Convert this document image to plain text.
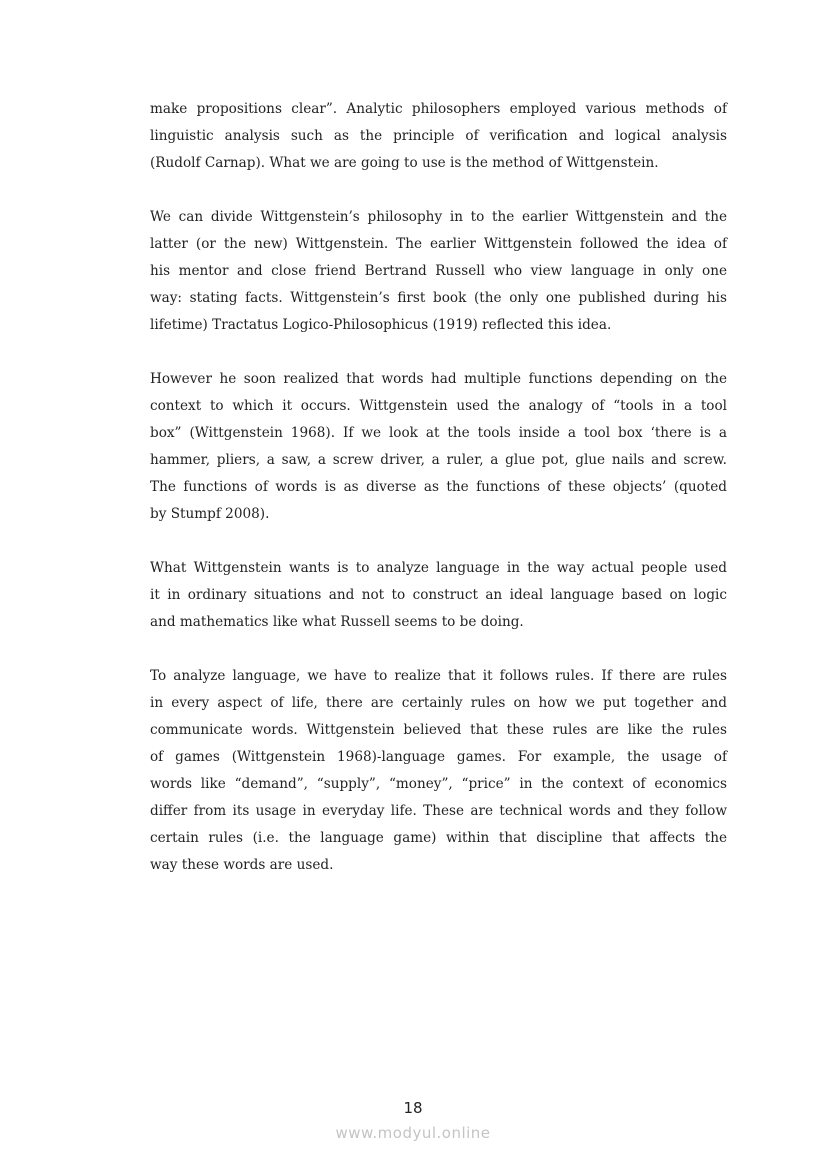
make propositions clear”. Analytic philosophers employed various methods of
linguistic analysis such as the principle of verification and logical analysis
(Rudolf Carnap). What we are going to use is the method of Wittgenstein.
We can divide Wittgenstein’s philosophy in to the earlier Wittgenstein and the
latter (or the new) Wittgenstein. The earlier Wittgenstein followed the idea of
his mentor and close friend Bertrand Russell who view language in only one
way: stating facts. Wittgenstein’s first book (the only one published during his
lifetime) Tractatus Logico-Philosophicus (1919) reflected this idea.
However he soon realized that words had multiple functions depending on the
context to which it occurs. Wittgenstein used the analogy of “tools in a tool
box” (Wittgenstein 1968). If we look at the tools inside a tool box ‘there is a
hammer, pliers, a saw, a screw driver, a ruler, a glue pot, glue nails and screw.
The functions of words is as diverse as the functions of these objects’ (quoted
by Stumpf 2008).
What Wittgenstein wants is to analyze language in the way actual people used
it in ordinary situations and not to construct an ideal language based on logic
and mathematics like what Russell seems to be doing.
To analyze language, we have to realize that it follows rules. If there are rules
in every aspect of life, there are certainly rules on how we put together and
communicate words. Wittgenstein believed that these rules are like the rules
of games (Wittgenstein 1968)-language games. For example, the usage of
words like “demand”, “supply”, “money”, “price” in the context of economics
differ from its usage in everyday life. These are technical words and they follow
certain rules (i.e. the language game) within that discipline that affects the
way these words are used.
18
www.modyul.online
